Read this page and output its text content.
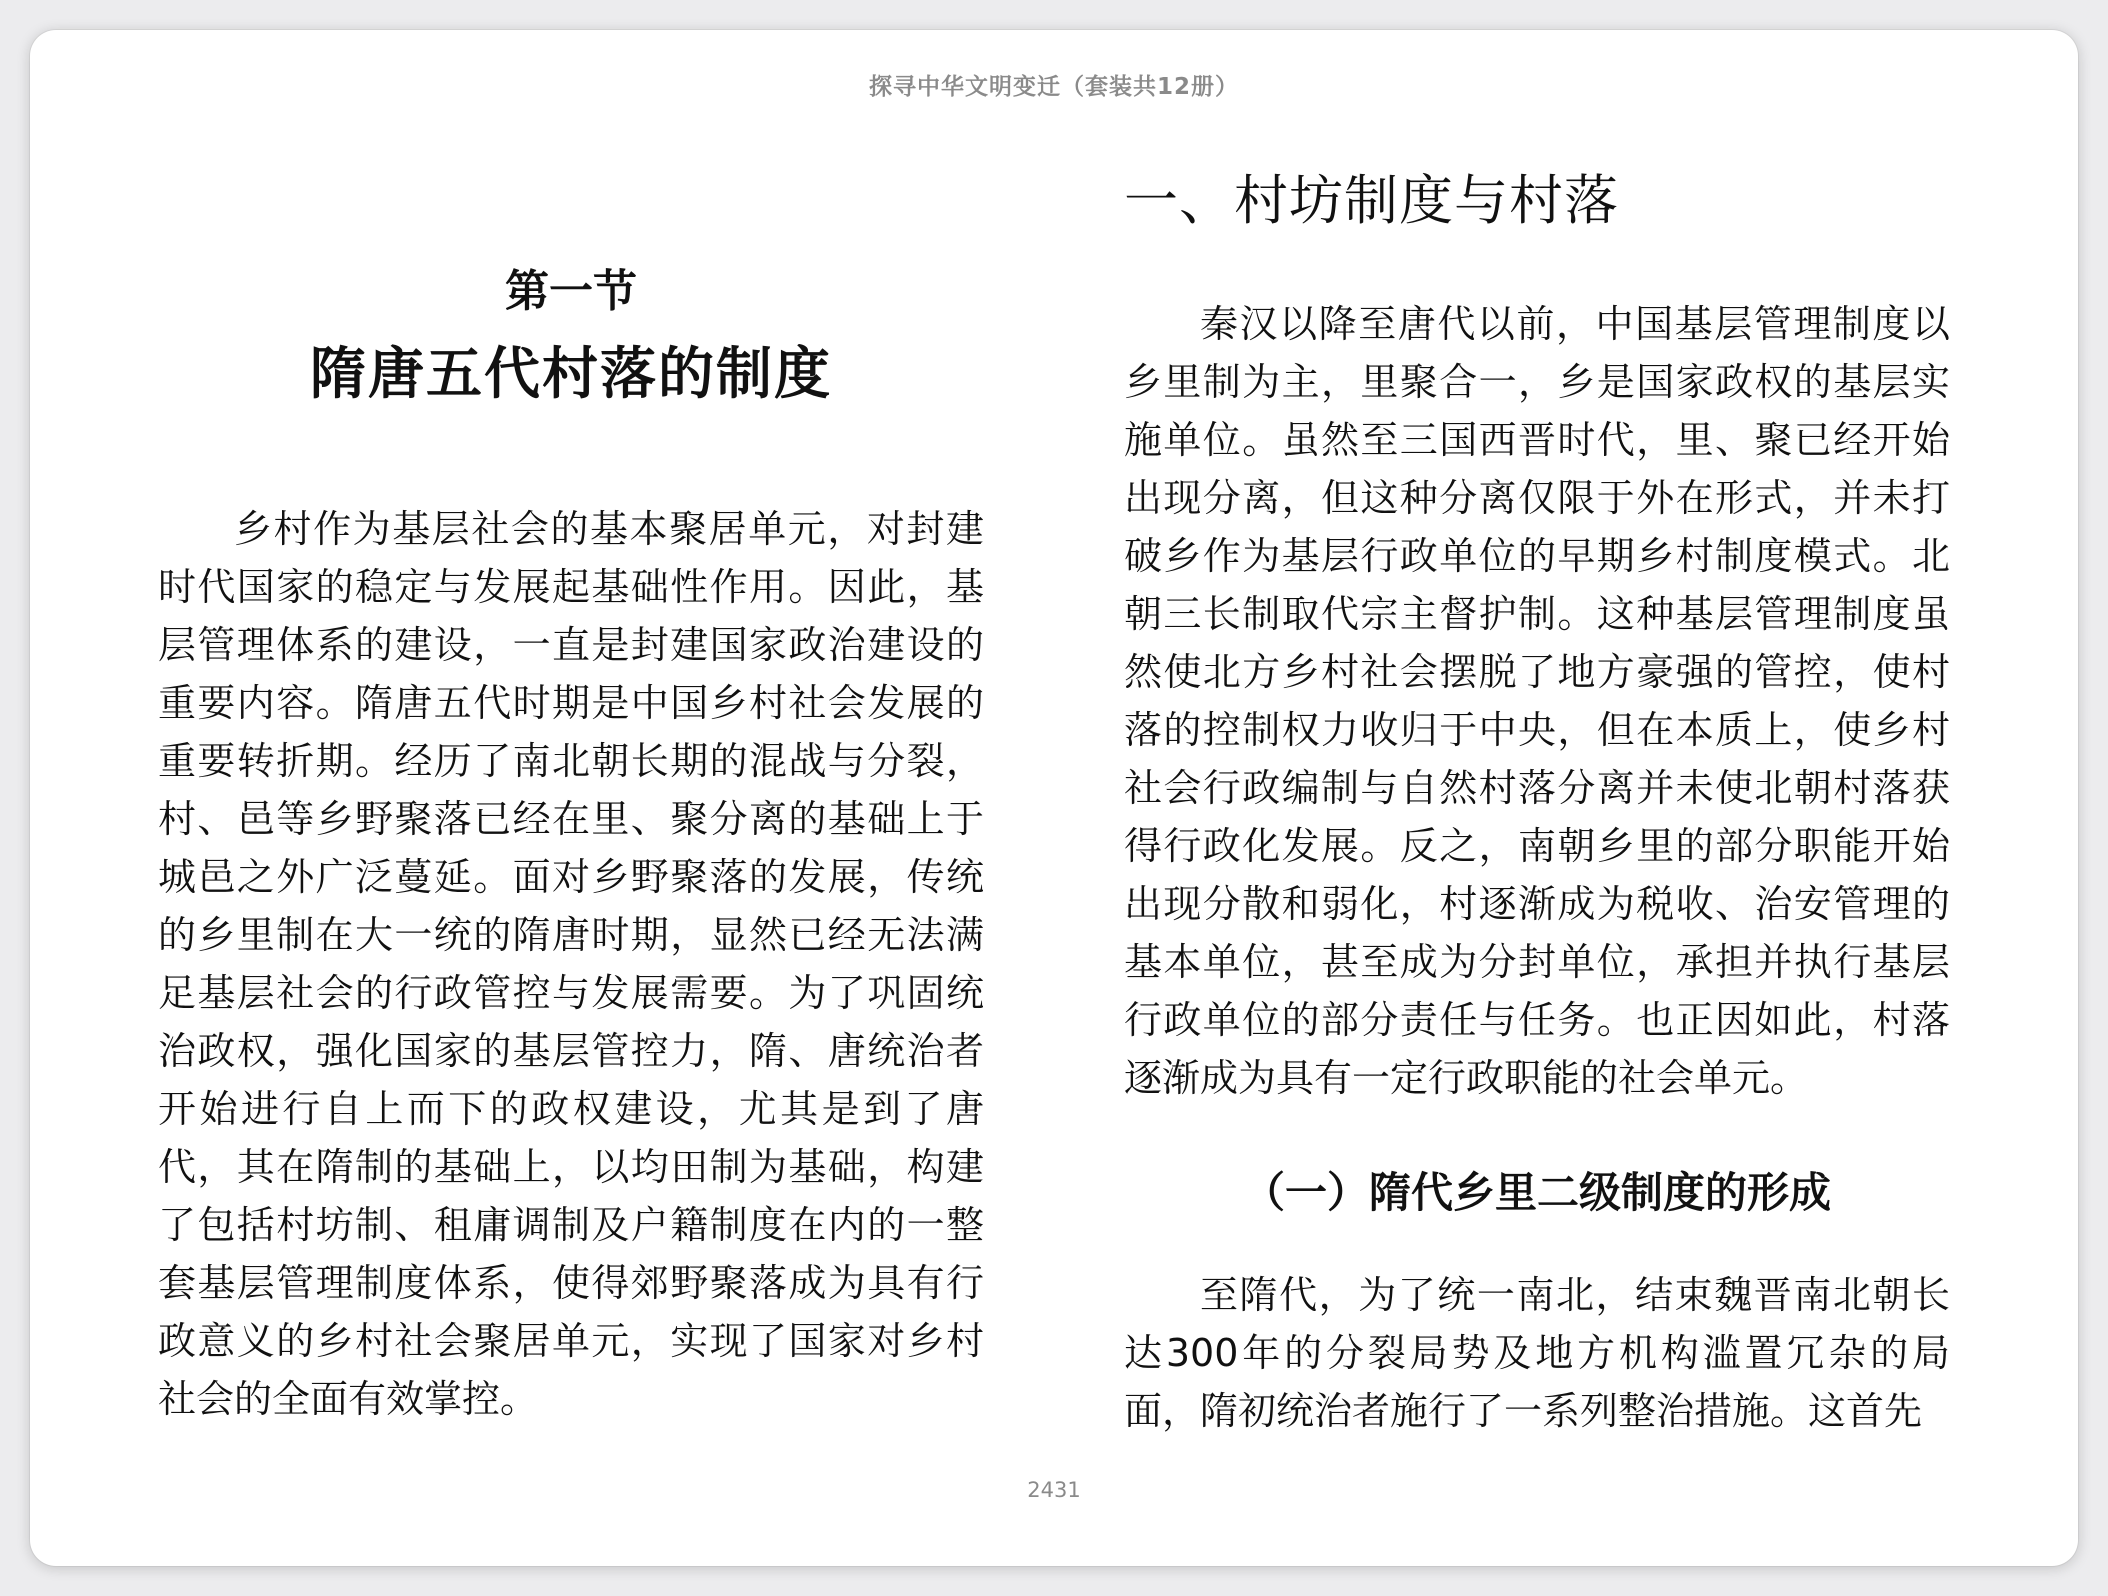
探寻中华文明变迁（套装共12册）
第一节
隋唐五代村落的制度

乡村作为基层社会的基本聚居单元，对封建时代国家的稳定与发展起基础性作用。因此，基层管理体系的建设，一直是封建国家政治建设的重要内容。隋唐五代时期是中国乡村社会发展的重要转折期。经历了南北朝长期的混战与分裂，村、邑等乡野聚落已经在里、聚分离的基础上于城邑之外广泛蔓延。面对乡野聚落的发展，传统的乡里制在大一统的隋唐时期，显然已经无法满足基层社会的行政管控与发展需要。为了巩固统治政权，强化国家的基层管控力，隋、唐统治者开始进行自上而下的政权建设，尤其是到了唐代，其在隋制的基础上，以均田制为基础，构建了包括村坊制、租庸调制及户籍制度在内的一整套基层管理制度体系，使得郊野聚落成为具有行政意义的乡村社会聚居单元，实现了国家对乡村社会的全面有效掌控。

一、村坊制度与村落

秦汉以降至唐代以前，中国基层管理制度以乡里制为主，里聚合一，乡是国家政权的基层实施单位。虽然至三国西晋时代，里、聚已经开始出现分离，但这种分离仅限于外在形式，并未打破乡作为基层行政单位的早期乡村制度模式。北朝三长制取代宗主督护制。这种基层管理制度虽然使北方乡村社会摆脱了地方豪强的管控，使村落的控制权力收归于中央，但在本质上，使乡村社会行政编制与自然村落分离并未使北朝村落获得行政化发展。反之，南朝乡里的部分职能开始出现分散和弱化，村逐渐成为税收、治安管理的基本单位，甚至成为分封单位，承担并执行基层行政单位的部分责任与任务。也正因如此，村落逐渐成为具有一定行政职能的社会单元。

（一）隋代乡里二级制度的形成

至隋代，为了统一南北，结束魏晋南北朝长达300年的分裂局势及地方机构滥置冗杂的局面，隋初统治者施行了一系列整治措施。这首先

2431
